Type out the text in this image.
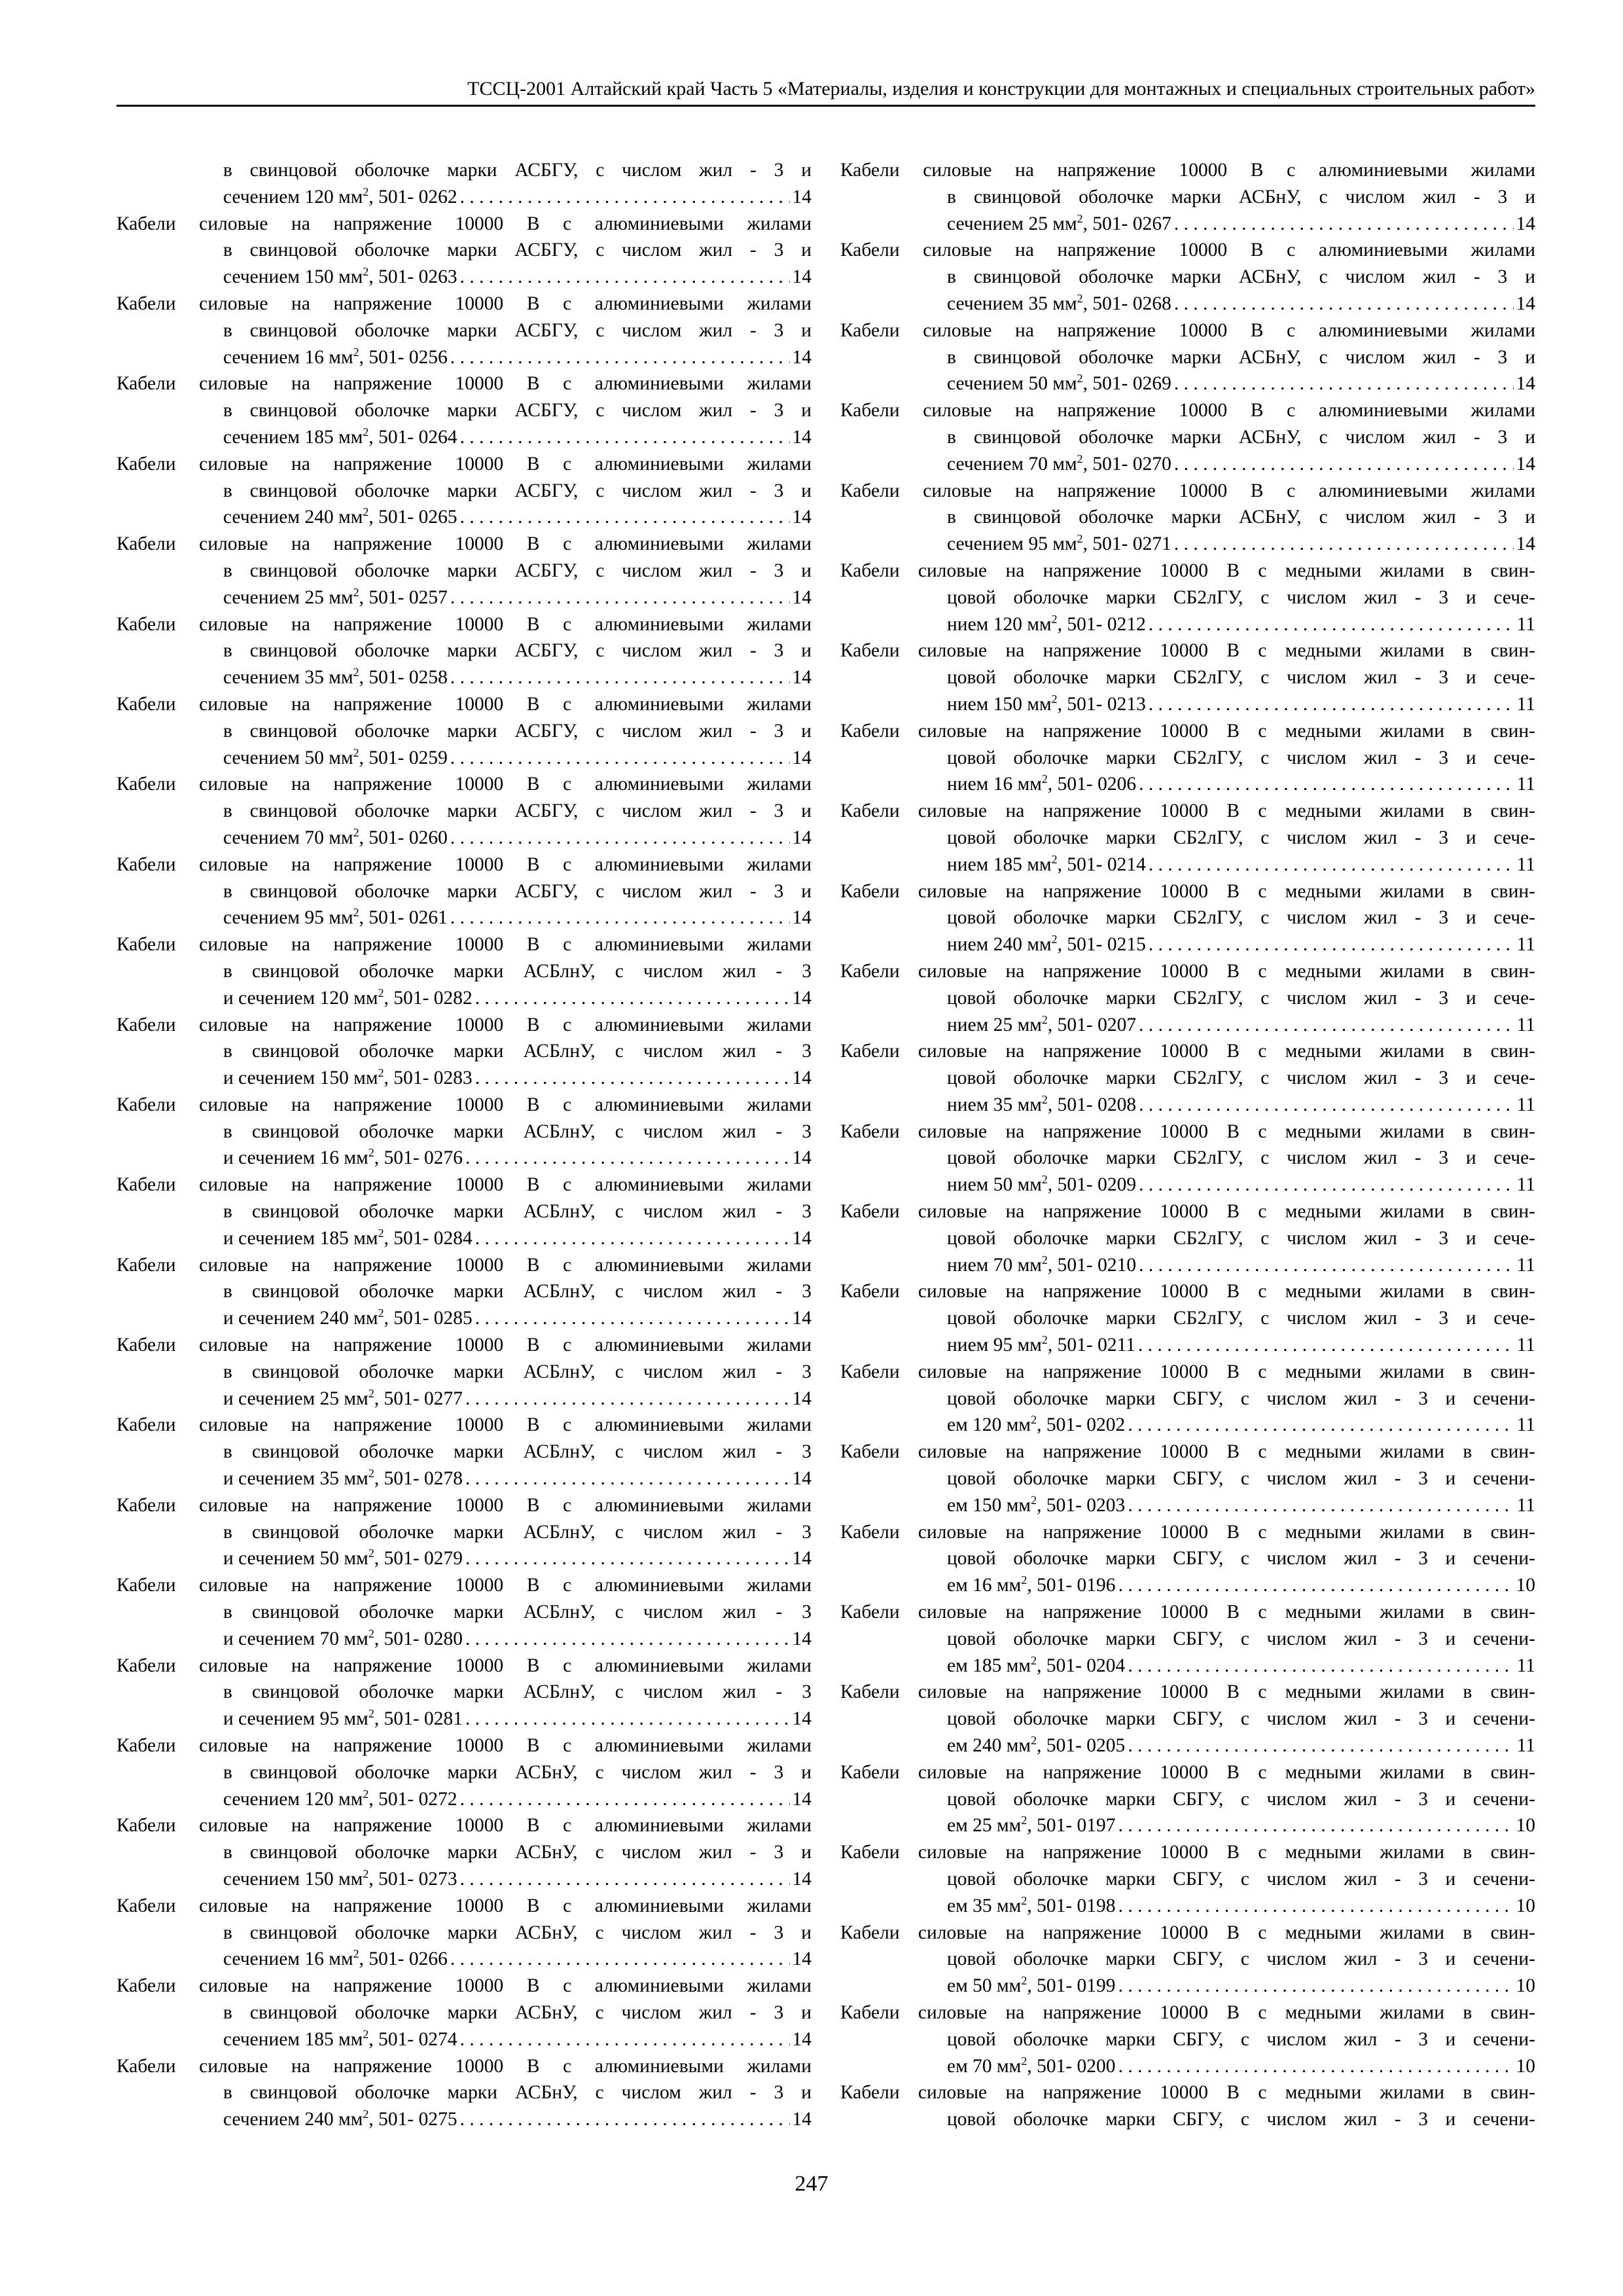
ТССЦ-2001 Алтайский край Часть 5 «Материалы, изделия и конструкции для монтажных и специальных строительных работ»
в свинцовой оболочке марки АСБГУ, с числом жил - 3 и
сечением 120 $мм^2$, 501- 0262 . . .	14
Кабели силовые на напряжение 10000 В с алюминиевыми жилами
в свинцовой оболочке марки АСБГУ, с числом жил - 3 и
сечением 150 $мм^2$, 501- 0263 . . .	14
Кабели силовые на напряжение 10000 В с алюминиевыми жилами
в свинцовой оболочке марки АСБГУ, с числом жил - 3 и
сечением 16 $мм^2$, 501- 0256 . . .	14
Кабели силовые на напряжение 10000 В с алюминиевыми жилами
в свинцовой оболочке марки АСБГУ, с числом жил - 3 и
сечением 185 $мм^2$, 501- 0264 . . .	14
Кабели силовые на напряжение 10000 В с алюминиевыми жилами
в свинцовой оболочке марки АСБГУ, с числом жил - 3 и
сечением 240 $мм^2$, 501- 0265 . . .	14
Кабели силовые на напряжение 10000 В с алюминиевыми жилами
в свинцовой оболочке марки АСБГУ, с числом жил - 3 и
сечением 25 $мм^2$, 501- 0257 . . .	14
Кабели силовые на напряжение 10000 В с алюминиевыми жилами
в свинцовой оболочке марки АСБГУ, с числом жил - 3 и
сечением 35 $мм^2$, 501- 0258 . . .	14
Кабели силовые на напряжение 10000 В с алюминиевыми жилами
в свинцовой оболочке марки АСБГУ, с числом жил - 3 и
сечением 50 $мм^2$, 501- 0259 . . .	14
Кабели силовые на напряжение 10000 В с алюминиевыми жилами
в свинцовой оболочке марки АСБГУ, с числом жил - 3 и
сечением 70 $мм^2$, 501- 0260 . . .	14
Кабели силовые на напряжение 10000 В с алюминиевыми жилами
в свинцовой оболочке марки АСБГУ, с числом жил - 3 и
сечением 95 $мм^2$, 501- 0261 . . .	14
Кабели силовые на напряжение 10000 В с алюминиевыми жилами
в свинцовой оболочке марки АСБлнУ, с числом жил - 3
и сечением 120 $мм^2$, 501- 0282 . . .	14
Кабели силовые на напряжение 10000 В с алюминиевыми жилами
в свинцовой оболочке марки АСБлнУ, с числом жил - 3
и сечением 150 $мм^2$, 501- 0283 . . .	14
Кабели силовые на напряжение 10000 В с алюминиевыми жилами
в свинцовой оболочке марки АСБлнУ, с числом жил - 3
и сечением 16 $мм^2$, 501- 0276 . . .	14
Кабели силовые на напряжение 10000 В с алюминиевыми жилами
в свинцовой оболочке марки АСБлнУ, с числом жил - 3
и сечением 185 $мм^2$, 501- 0284 . . .	14
Кабели силовые на напряжение 10000 В с алюминиевыми жилами
в свинцовой оболочке марки АСБлнУ, с числом жил - 3
и сечением 240 $мм^2$, 501- 0285 . . .	14
Кабели силовые на напряжение 10000 В с алюминиевыми жилами
в свинцовой оболочке марки АСБлнУ, с числом жил - 3
и сечением 25 $мм^2$, 501- 0277 . . .	14
Кабели силовые на напряжение 10000 В с алюминиевыми жилами
в свинцовой оболочке марки АСБлнУ, с числом жил - 3
и сечением 35 $мм^2$, 501- 0278 . . .	14
Кабели силовые на напряжение 10000 В с алюминиевыми жилами
в свинцовой оболочке марки АСБлнУ, с числом жил - 3
и сечением 50 $мм^2$, 501- 0279 . . .	14
Кабели силовые на напряжение 10000 В с алюминиевыми жилами
в свинцовой оболочке марки АСБлнУ, с числом жил - 3
и сечением 70 $мм^2$, 501- 0280 . . .	14
Кабели силовые на напряжение 10000 В с алюминиевыми жилами
в свинцовой оболочке марки АСБлнУ, с числом жил - 3
и сечением 95 $мм^2$, 501- 0281 . . .	14
Кабели силовые на напряжение 10000 В с алюминиевыми жилами
в свинцовой оболочке марки АСБнУ, с числом жил - 3 и
сечением 120 $мм^2$, 501- 0272 . . .	14
Кабели силовые на напряжение 10000 В с алюминиевыми жилами
в свинцовой оболочке марки АСБнУ, с числом жил - 3 и
сечением 150 $мм^2$, 501- 0273 . . .	14
Кабели силовые на напряжение 10000 В с алюминиевыми жилами
в свинцовой оболочке марки АСБнУ, с числом жил - 3 и
сечением 16 $мм^2$, 501- 0266 . . .	14
Кабели силовые на напряжение 10000 В с алюминиевыми жилами
в свинцовой оболочке марки АСБнУ, с числом жил - 3 и
сечением 185 $мм^2$, 501- 0274 . . .	14
Кабели силовые на напряжение 10000 В с алюминиевыми жилами
в свинцовой оболочке марки АСБнУ, с числом жил - 3 и
сечением 240 $мм^2$, 501- 0275 . . .	14
Кабели силовые на напряжение 10000 В с алюминиевыми жилами
в свинцовой оболочке марки АСБнУ, с числом жил - 3 и
сечением 25 $мм^2$, 501- 0267 . . .	14
Кабели силовые на напряжение 10000 В с алюминиевыми жилами
в свинцовой оболочке марки АСБнУ, с числом жил - 3 и
сечением 35 $мм^2$, 501- 0268 . . .	14
Кабели силовые на напряжение 10000 В с алюминиевыми жилами
в свинцовой оболочке марки АСБнУ, с числом жил - 3 и
сечением 50 $мм^2$, 501- 0269 . . .	14
Кабели силовые на напряжение 10000 В с алюминиевыми жилами
в свинцовой оболочке марки АСБнУ, с числом жил - 3 и
сечением 70 $мм^2$, 501- 0270 . . .	14
Кабели силовые на напряжение 10000 В с алюминиевыми жилами
в свинцовой оболочке марки АСБнУ, с числом жил - 3 и
сечением 95 $мм^2$, 501- 0271 . . .	14
Кабели силовые на напряжение 10000 В с медными жилами в свин-
цовой оболочке марки СБ2лГУ, с числом жил - 3 и сече-
нием 120 $мм^2$, 501- 0212 . . .	11
Кабели силовые на напряжение 10000 В с медными жилами в свин-
цовой оболочке марки СБ2лГУ, с числом жил - 3 и сече-
нием 150 $мм^2$, 501- 0213 . . .	11
Кабели силовые на напряжение 10000 В с медными жилами в свин-
цовой оболочке марки СБ2лГУ, с числом жил - 3 и сече-
нием 16 $мм^2$, 501- 0206 . . .	11
Кабели силовые на напряжение 10000 В с медными жилами в свин-
цовой оболочке марки СБ2лГУ, с числом жил - 3 и сече-
нием 185 $мм^2$, 501- 0214 . . .	11
Кабели силовые на напряжение 10000 В с медными жилами в свин-
цовой оболочке марки СБ2лГУ, с числом жил - 3 и сече-
нием 240 $мм^2$, 501- 0215 . . .	11
Кабели силовые на напряжение 10000 В с медными жилами в свин-
цовой оболочке марки СБ2лГУ, с числом жил - 3 и сече-
нием 25 $мм^2$, 501- 0207 . . .	11
Кабели силовые на напряжение 10000 В с медными жилами в свин-
цовой оболочке марки СБ2лГУ, с числом жил - 3 и сече-
нием 35 $мм^2$, 501- 0208 . . .	11
Кабели силовые на напряжение 10000 В с медными жилами в свин-
цовой оболочке марки СБ2лГУ, с числом жил - 3 и сече-
нием 50 $мм^2$, 501- 0209 . . .	11
Кабели силовые на напряжение 10000 В с медными жилами в свин-
цовой оболочке марки СБ2лГУ, с числом жил - 3 и сече-
нием 70 $мм^2$, 501- 0210 . . .	11
Кабели силовые на напряжение 10000 В с медными жилами в свин-
цовой оболочке марки СБ2лГУ, с числом жил - 3 и сече-
нием 95 $мм^2$, 501- 0211 . . .	11
Кабели силовые на напряжение 10000 В с медными жилами в свин-
цовой оболочке марки СБГУ, с числом жил - 3 и сечени-
ем 120 $мм^2$, 501- 0202 . . .	11
Кабели силовые на напряжение 10000 В с медными жилами в свин-
цовой оболочке марки СБГУ, с числом жил - 3 и сечени-
ем 150 $мм^2$, 501- 0203 . . .	11
Кабели силовые на напряжение 10000 В с медными жилами в свин-
цовой оболочке марки СБГУ, с числом жил - 3 и сечени-
ем 16 $мм^2$, 501- 0196 . . .	10
Кабели силовые на напряжение 10000 В с медными жилами в свин-
цовой оболочке марки СБГУ, с числом жил - 3 и сечени-
ем 185 $мм^2$, 501- 0204 . . .	11
Кабели силовые на напряжение 10000 В с медными жилами в свин-
цовой оболочке марки СБГУ, с числом жил - 3 и сечени-
ем 240 $мм^2$, 501- 0205 . . .	11
Кабели силовые на напряжение 10000 В с медными жилами в свин-
цовой оболочке марки СБГУ, с числом жил - 3 и сечени-
ем 25 $мм^2$, 501- 0197 . . .	10
Кабели силовые на напряжение 10000 В с медными жилами в свин-
цовой оболочке марки СБГУ, с числом жил - 3 и сечени-
ем 35 $мм^2$, 501- 0198 . . .	10
Кабели силовые на напряжение 10000 В с медными жилами в свин-
цовой оболочке марки СБГУ, с числом жил - 3 и сечени-
ем 50 $мм^2$, 501- 0199 . . .	10
Кабели силовые на напряжение 10000 В с медными жилами в свин-
цовой оболочке марки СБГУ, с числом жил - 3 и сечени-
ем 70 $мм^2$, 501- 0200 . . .	10
Кабели силовые на напряжение 10000 В с медными жилами в свин-
цовой оболочке марки СБГУ, с числом жил - 3 и сечени-
247
